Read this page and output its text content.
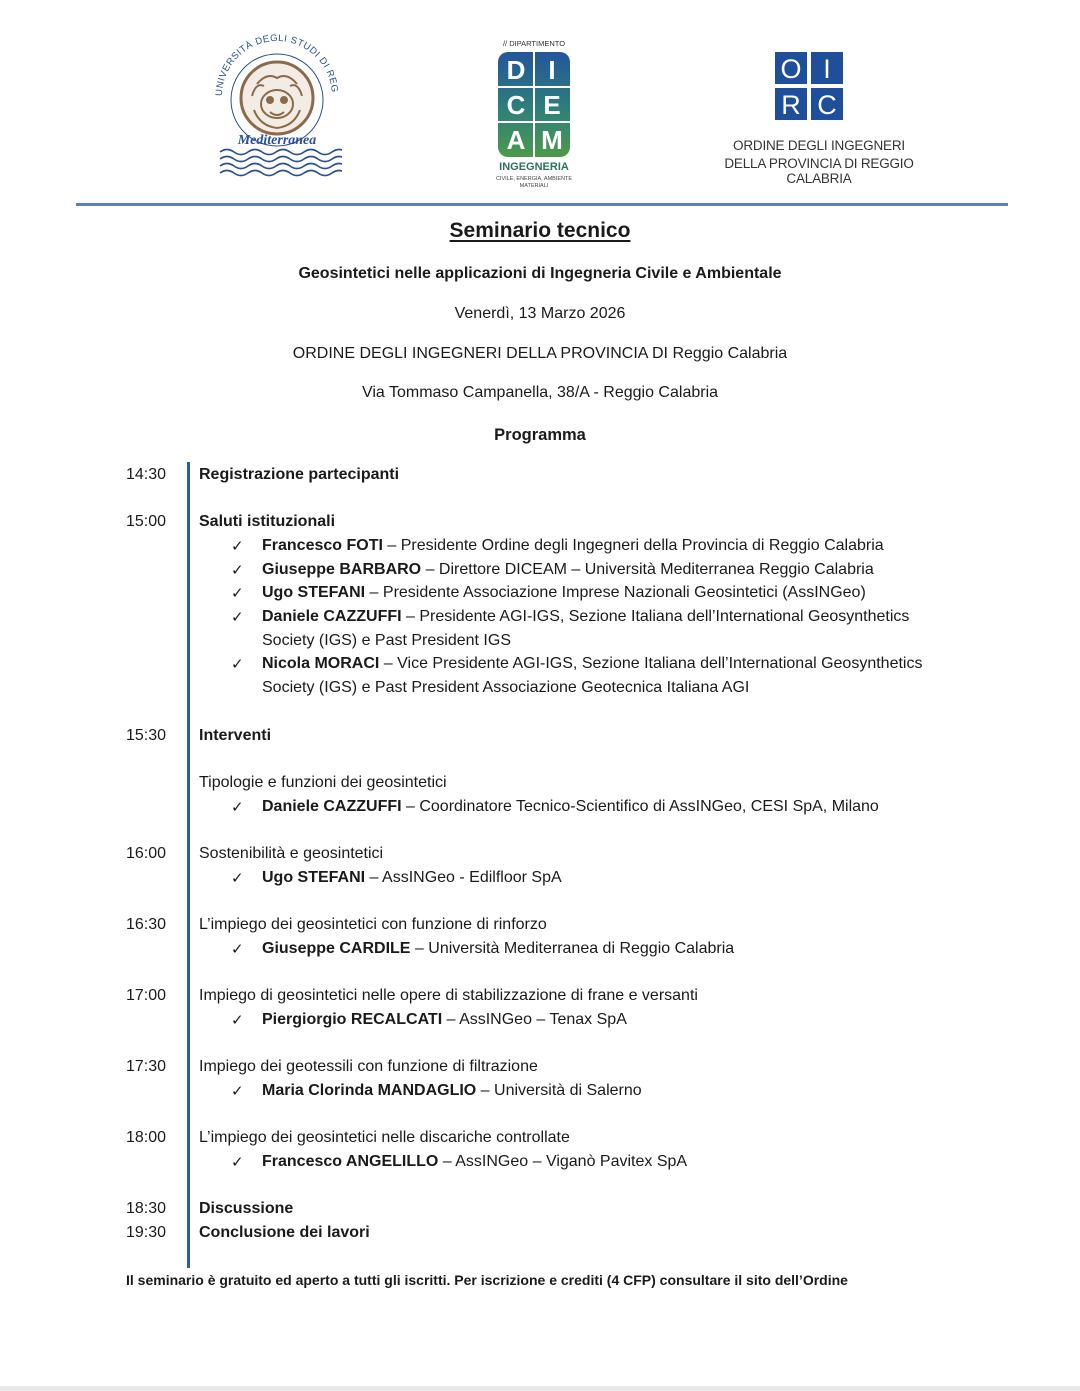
UNIVERSITÀ DEGLI STUDI DI REG
Mediterranea
// DIPARTIMENTO
D I
C E
A M
INGEGNERIA
CIVILE, ENERGIA, AMBIENTE
MATERIALI
O I
R C
ORDINE DEGLI INGEGNERI
DELLA PROVINCIA DI REGGIO CALABRIA
Seminario tecnico
Geosintetici nelle applicazioni di Ingegneria Civile e Ambientale
Venerdì, 13 Marzo 2026
ORDINE DEGLI INGEGNERI DELLA PROVINCIA DI Reggio Calabria
Via Tommaso Campanella, 38/A - Reggio Calabria
Programma
14:30 Registrazione partecipanti
15:00 Saluti istituzionali
✓ Francesco FOTI – Presidente Ordine degli Ingegneri della Provincia di Reggio Calabria
✓ Giuseppe BARBARO – Direttore DICEAM – Università Mediterranea Reggio Calabria
✓ Ugo STEFANI – Presidente Associazione Imprese Nazionali Geosintetici (AssINGeo)
✓ Daniele CAZZUFFI – Presidente AGI-IGS, Sezione Italiana dell’International Geosynthetics
Society (IGS) e Past President IGS
✓ Nicola MORACI – Vice Presidente AGI-IGS, Sezione Italiana dell’International Geosynthetics
Society (IGS) e Past President Associazione Geotecnica Italiana AGI
15:30 Interventi
Tipologie e funzioni dei geosintetici
✓ Daniele CAZZUFFI – Coordinatore Tecnico-Scientifico di AssINGeo, CESI SpA, Milano
16:00 Sostenibilità e geosintetici
✓ Ugo STEFANI – AssINGeo - Edilfloor SpA
16:30 L’impiego dei geosintetici con funzione di rinforzo
✓ Giuseppe CARDILE – Università Mediterranea di Reggio Calabria
17:00 Impiego di geosintetici nelle opere di stabilizzazione di frane e versanti
✓ Piergiorgio RECALCATI – AssINGeo – Tenax SpA
17:30 Impiego dei geotessili con funzione di filtrazione
✓ Maria Clorinda MANDAGLIO – Università di Salerno
18:00 L’impiego dei geosintetici nelle discariche controllate
✓ Francesco ANGELILLO – AssINGeo – Viganò Pavitex SpA
18:30 Discussione
19:30 Conclusione dei lavori
Il seminario è gratuito ed aperto a tutti gli iscritti. Per iscrizione e crediti (4 CFP) consultare il sito dell’Ordine
